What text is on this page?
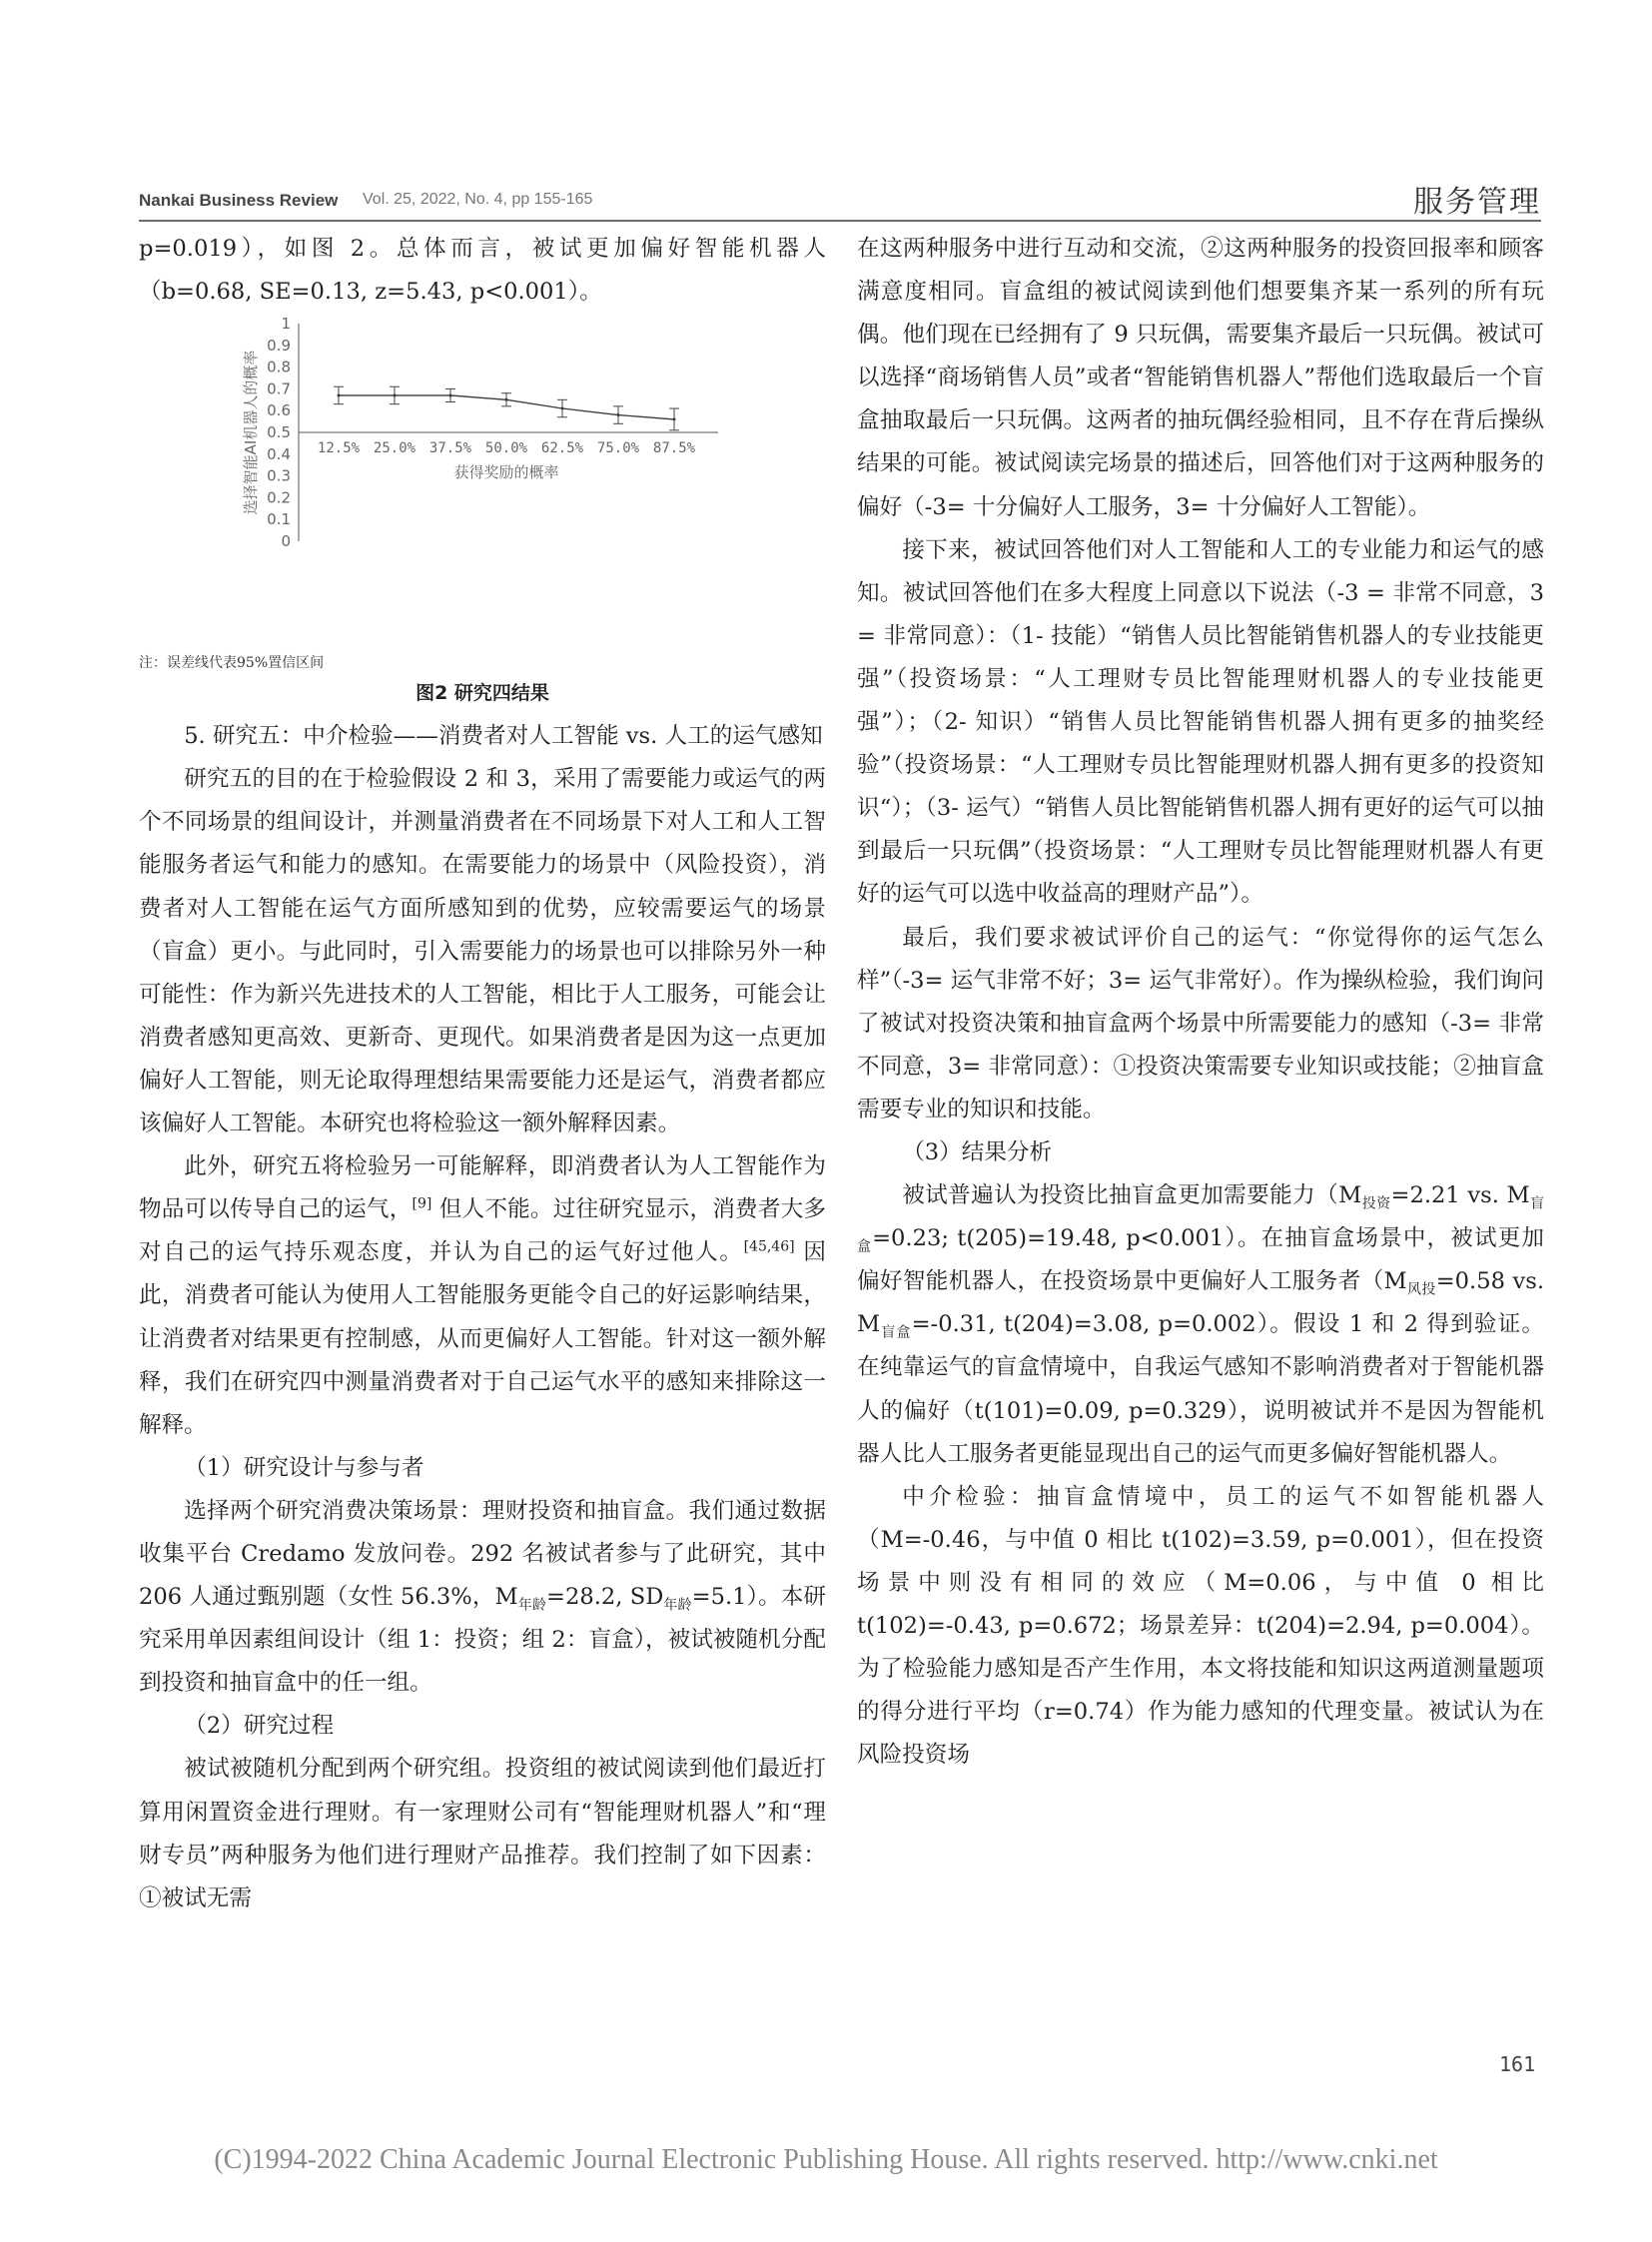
Nankai Business Review Vol. 25, 2022, No. 4, pp 155-165	服务管理

p=0.019），如图 2。总体而言，被试更加偏好智能机器人（b=0.68, SE=0.13, z=5.43, p<0.001）。

0
0.1
0.2
0.3
0.4
0.5
0.6
0.7
0.8
0.9
1
12.5% 25.0% 37.5% 50.0% 62.5% 75.0% 87.5%
获得奖励的概率
选择智能AI机器人的概率

注：误差线代表95%置信区间

图2 研究四结果

5. 研究五：中介检验——消费者对人工智能 vs. 人工的运气感知

研究五的目的在于检验假设 2 和 3，采用了需要能力或运气的两个不同场景的组间设计，并测量消费者在不同场景下对人工和人工智能服务者运气和能力的感知。在需要能力的场景中（风险投资），消费者对人工智能在运气方面所感知到的优势，应较需要运气的场景（盲盒）更小。与此同时，引入需要能力的场景也可以排除另外一种可能性：作为新兴先进技术的人工智能，相比于人工服务，可能会让消费者感知更高效、更新奇、更现代。如果消费者是因为这一点更加偏好人工智能，则无论取得理想结果需要能力还是运气，消费者都应该偏好人工智能。本研究也将检验这一额外解释因素。

此外，研究五将检验另一可能解释，即消费者认为人工智能作为物品可以传导自己的运气，[9] 但人不能。过往研究显示，消费者大多对自己的运气持乐观态度，并认为自己的运气好过他人。[45,46] 因此，消费者可能认为使用人工智能服务更能令自己的好运影响结果，让消费者对结果更有控制感，从而更偏好人工智能。针对这一额外解释，我们在研究四中测量消费者对于自己运气水平的感知来排除这一解释。

（1）研究设计与参与者

选择两个研究消费决策场景：理财投资和抽盲盒。我们通过数据收集平台 Credamo 发放问卷。292 名被试者参与了此研究，其中 206 人通过甄别题（女性 56.3%，$M_{年龄}=28.2$, $SD_{年龄}=5.1$）。本研究采用单因素组间设计（组 1：投资；组 2：盲盒），被试被随机分配到投资和抽盲盒中的任一组。

（2）研究过程

被试被随机分配到两个研究组。投资组的被试阅读到他们最近打算用闲置资金进行理财。有一家理财公司有“智能理财机器人”和“理财专员”两种服务为他们进行理财产品推荐。我们控制了如下因素：①被试无需

在这两种服务中进行互动和交流，②这两种服务的投资回报率和顾客满意度相同。盲盒组的被试阅读到他们想要集齐某一系列的所有玩偶。他们现在已经拥有了 9 只玩偶，需要集齐最后一只玩偶。被试可以选择“商场销售人员”或者“智能销售机器人”帮他们选取最后一个盲盒抽取最后一只玩偶。这两者的抽玩偶经验相同，且不存在背后操纵结果的可能。被试阅读完场景的描述后，回答他们对于这两种服务的偏好（-3= 十分偏好人工服务，3= 十分偏好人工智能）。

接下来，被试回答他们对人工智能和人工的专业能力和运气的感知。被试回答他们在多大程度上同意以下说法（-3 = 非常不同意，3 = 非常同意）：（1- 技能）“销售人员比智能销售机器人的专业技能更强”（投资场景：“人工理财专员比智能理财机器人的专业技能更强”）；（2- 知识）“销售人员比智能销售机器人拥有更多的抽奖经验”（投资场景：“人工理财专员比智能理财机器人拥有更多的投资知识“）；（3- 运气）“销售人员比智能销售机器人拥有更好的运气可以抽到最后一只玩偶”（投资场景：“人工理财专员比智能理财机器人有更好的运气可以选中收益高的理财产品”）。

最后，我们要求被试评价自己的运气：“你觉得你的运气怎么样”（-3= 运气非常不好；3= 运气非常好）。作为操纵检验，我们询问了被试对投资决策和抽盲盒两个场景中所需要能力的感知（-3= 非常不同意，3= 非常同意）：①投资决策需要专业知识或技能；②抽盲盒需要专业的知识和技能。

（3）结果分析

被试普遍认为投资比抽盲盒更加需要能力（$M_{投资}=2.21$ vs. $M_{盲盒}=0.23$; t(205)=19.48, p<0.001）。在抽盲盒场景中，被试更加偏好智能机器人，在投资场景中更偏好人工服务者（$M_{风投}=0.58$ vs. $M_{盲盒}=-0.31$, t(204)=3.08, p=0.002）。假设 1 和 2 得到验证。在纯靠运气的盲盒情境中，自我运气感知不影响消费者对于智能机器人的偏好（t(101)=0.09, p=0.329），说明被试并不是因为智能机器人比人工服务者更能显现出自己的运气而更多偏好智能机器人。

中介检验：抽盲盒情境中，员工的运气不如智能机器人（M=-0.46，与中值 0 相比 t(102)=3.59, p=0.001），但在投资场景中则没有相同的效应（M=0.06，与中值 0 相比 t(102)=-0.43, p=0.672；场景差异：t(204)=2.94, p=0.004）。为了检验能力感知是否产生作用，本文将技能和知识这两道测量题项的得分进行平均（r=0.74）作为能力感知的代理变量。被试认为在风险投资场

161
(C)1994-2022 China Academic Journal Electronic Publishing House. All rights reserved. http://www.cnki.net
